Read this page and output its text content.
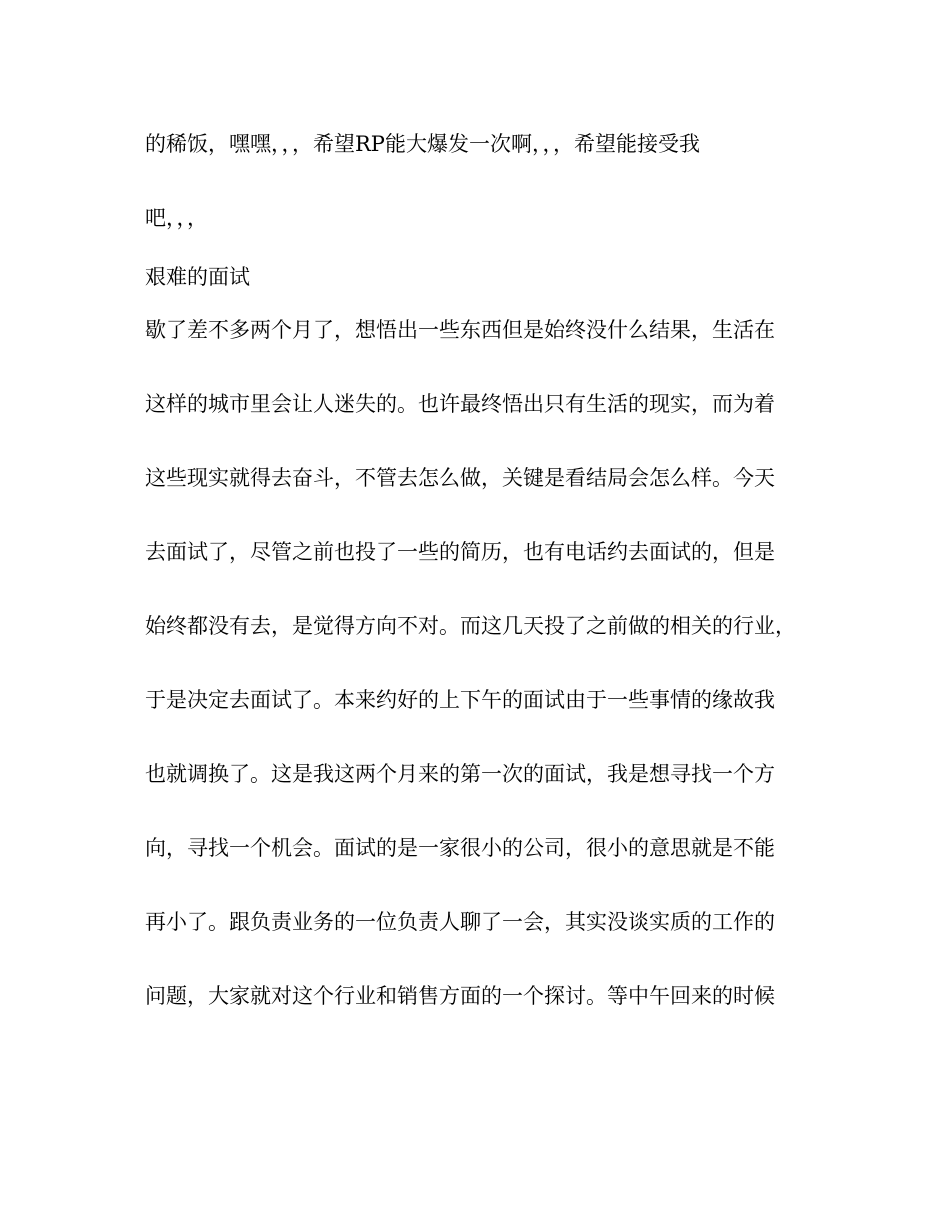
的稀饭，嘿嘿，，，希望RP能大爆发一次啊，，，希望能接受我

吧，，，

艰难的面试

歇了差不多两个月了，想悟出一些东西但是始终没什么结果，生活在

这样的城市里会让人迷失的。也许最终悟出只有生活的现实，而为着

这些现实就得去奋斗，不管去怎么做，关键是看结局会怎么样。今天

去面试了，尽管之前也投了一些的简历，也有电话约去面试的，但是

始终都没有去，是觉得方向不对。而这几天投了之前做的相关的行业，

于是决定去面试了。本来约好的上下午的面试由于一些事情的缘故我

也就调换了。这是我这两个月来的第一次的面试，我是想寻找一个方

向，寻找一个机会。面试的是一家很小的公司，很小的意思就是不能

再小了。跟负责业务的一位负责人聊了一会，其实没谈实质的工作的

问题，大家就对这个行业和销售方面的一个探讨。等中午回来的时候
